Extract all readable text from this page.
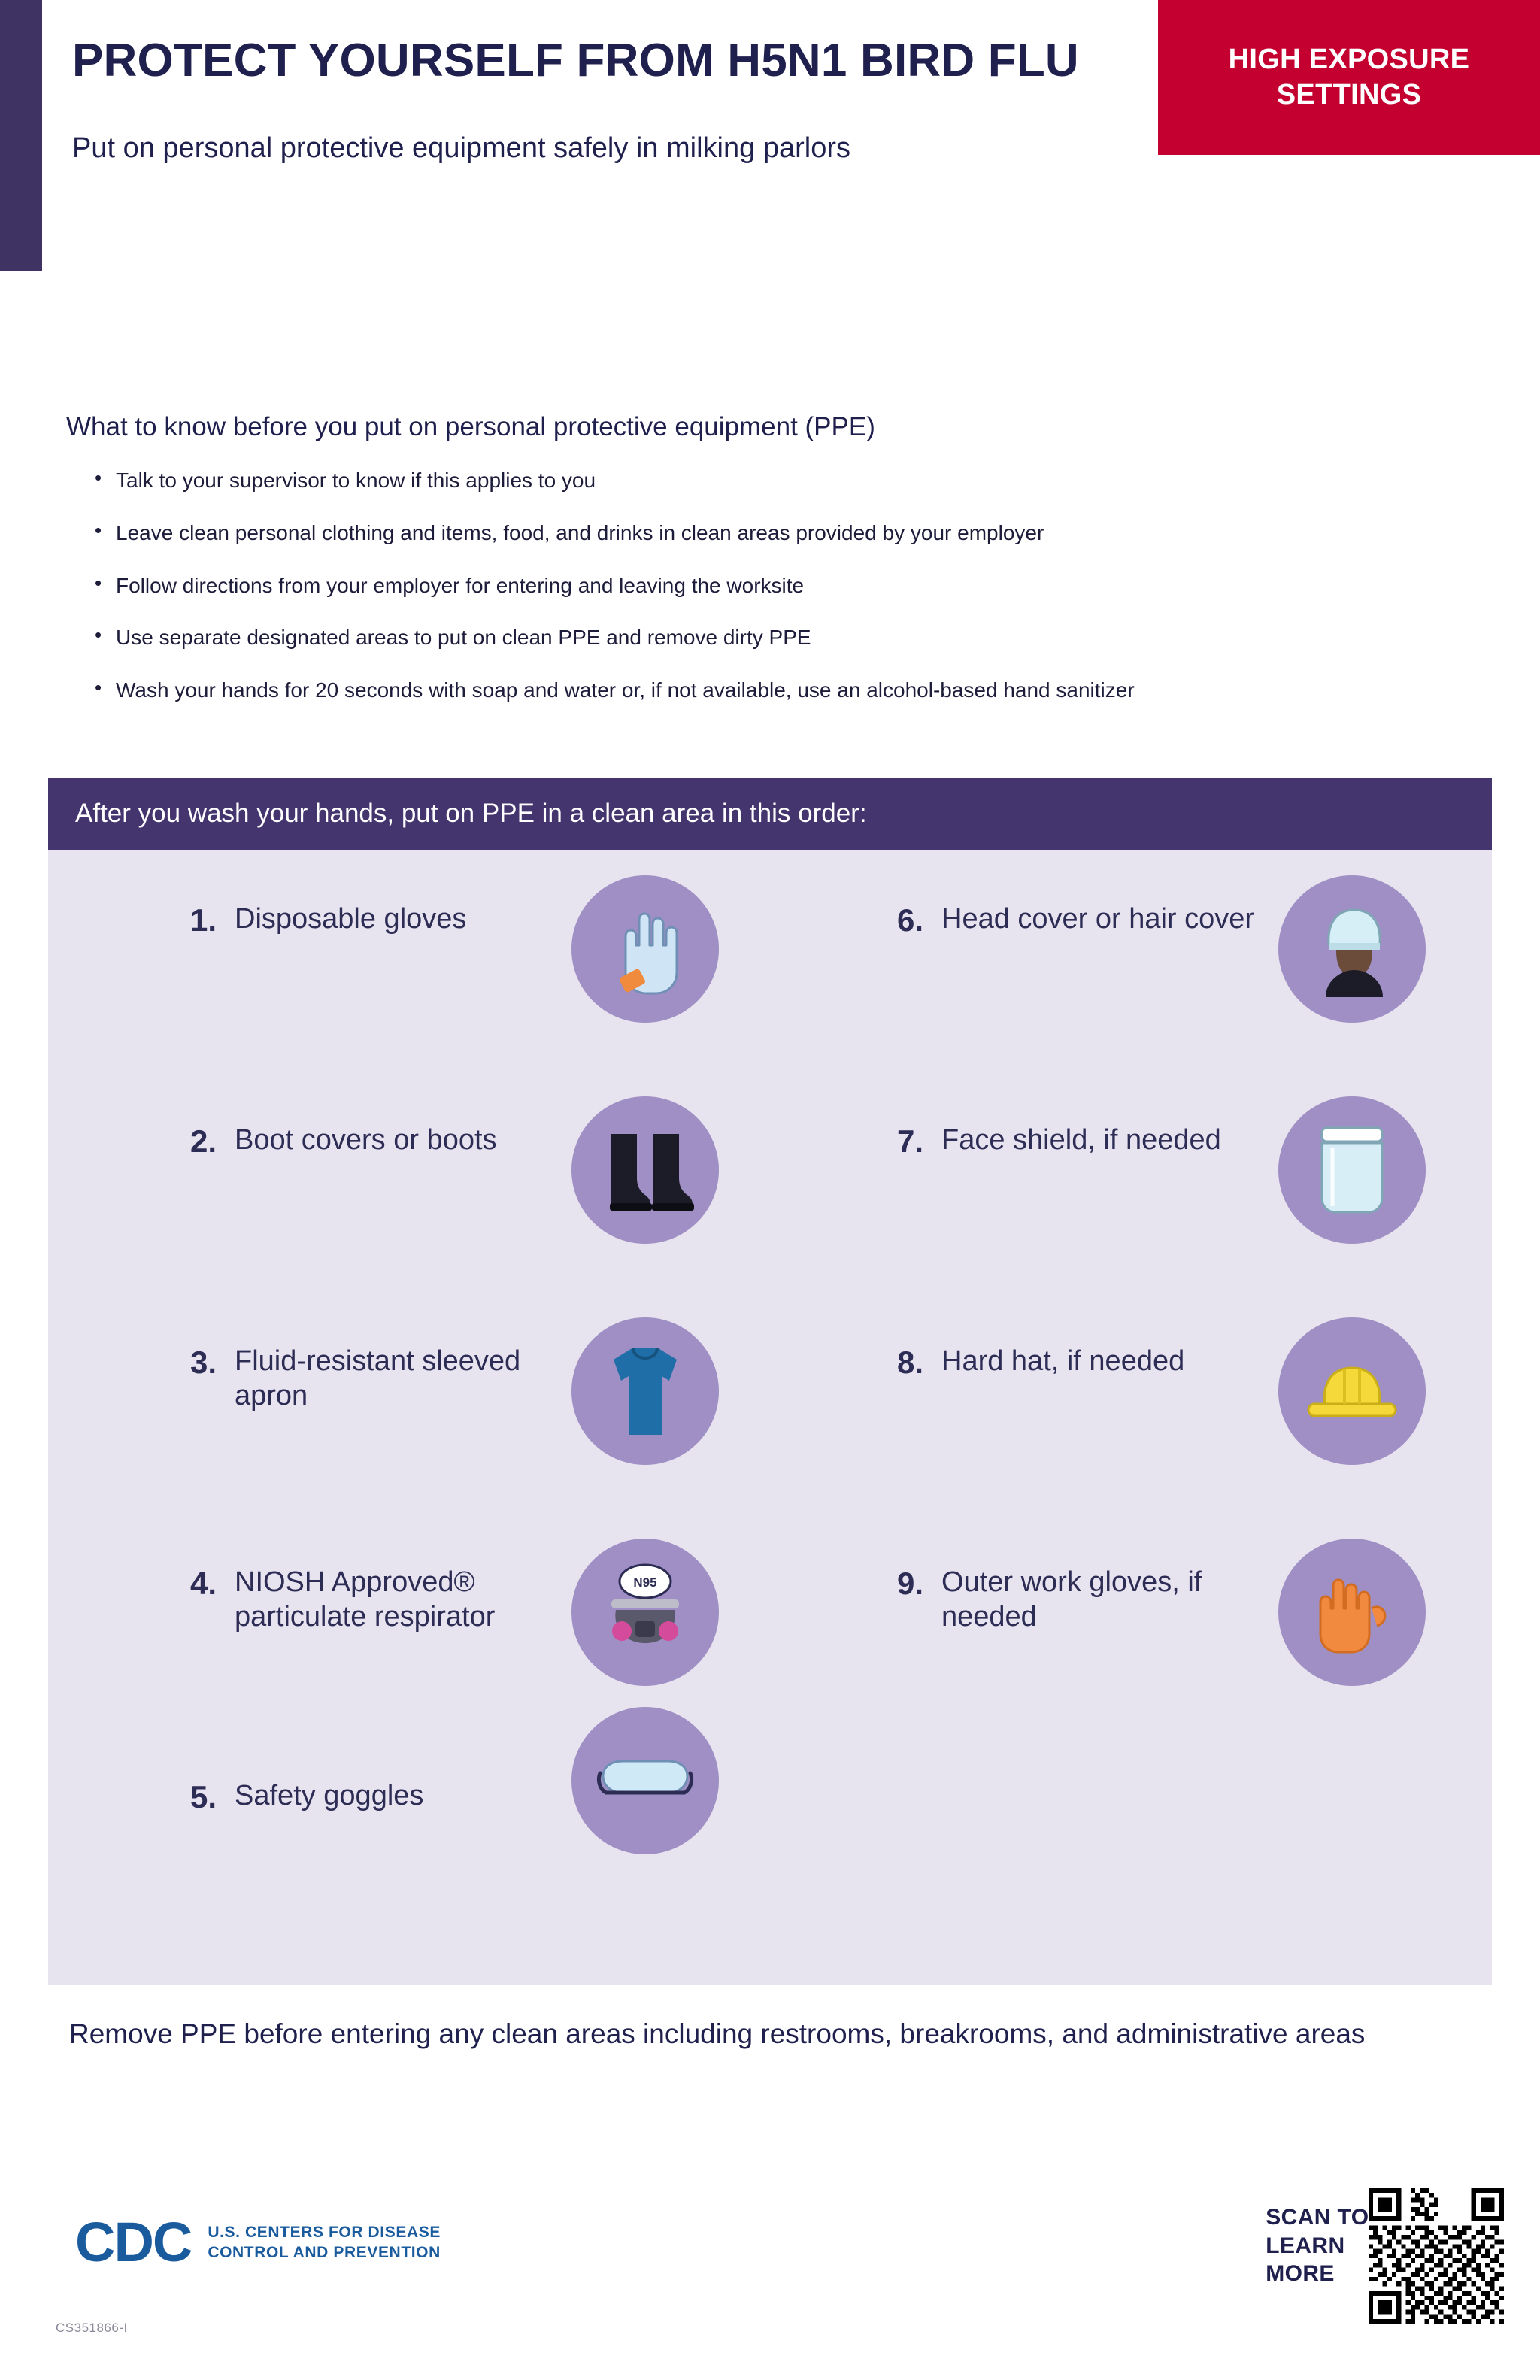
PROTECT YOURSELF FROM H5N1 BIRD FLU
Put on personal protective equipment safely in milking parlors
HIGH EXPOSURE SETTINGS
What to know before you put on personal protective equipment (PPE)
• Talk to your supervisor to know if this applies to you
• Leave clean personal clothing and items, food, and drinks in clean areas provided by your employer
• Follow directions from your employer for entering and leaving the worksite
• Use separate designated areas to put on clean PPE and remove dirty PPE
• Wash your hands for 20 seconds with soap and water or, if not available, use an alcohol-based hand sanitizer
After you wash your hands, put on PPE in a clean area in this order:
1. Disposable gloves
2. Boot covers or boots
3. Fluid-resistant sleeved apron
4. NIOSH Approved® particulate respirator
N95
5. Safety goggles
6. Head cover or hair cover
7. Face shield, if needed
8. Hard hat, if needed
9. Outer work gloves, if needed
Remove PPE before entering any clean areas including restrooms, breakrooms, and administrative areas
CDC U.S. CENTERS FOR DISEASE
CONTROL AND PREVENTION
CS351866-I
SCAN TO
LEARN
MORE
